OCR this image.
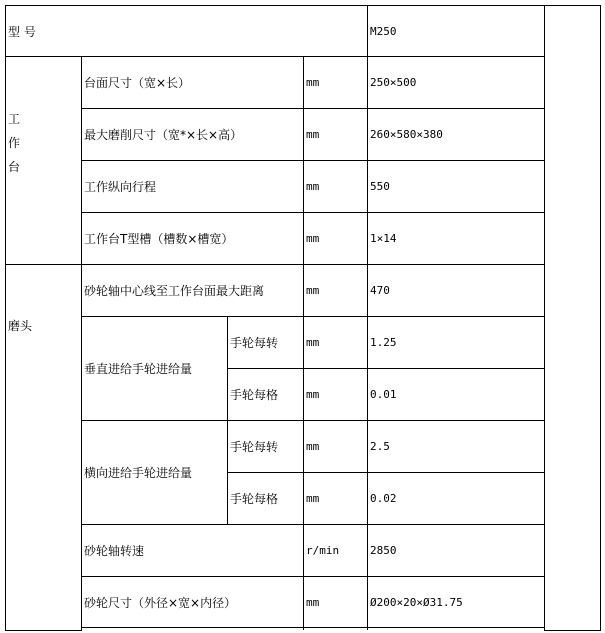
型 号				M250		

工
作
台	台面尺寸（宽×长）		mm	250×500		
	最大磨削尺寸（宽*×长×高）		mm	260×580×380		
	工作纵向行程		mm	550		
	工作台T型槽（槽数×槽宽）		mm	1×14		
磨头	砂轮轴中心线至工作台面最大距离		mm	470		
	垂直进给手轮进给量	手轮每转	mm	1.25		
		手轮每格	mm	0.01		
	横向进给手轮进给量	手轮每转	mm	2.5		
		手轮每格	mm	0.02		
	砂轮轴转速		r/min	2850		
	砂轮尺寸（外径×宽×内径）		mm	Ø200×20×Ø31.75		
